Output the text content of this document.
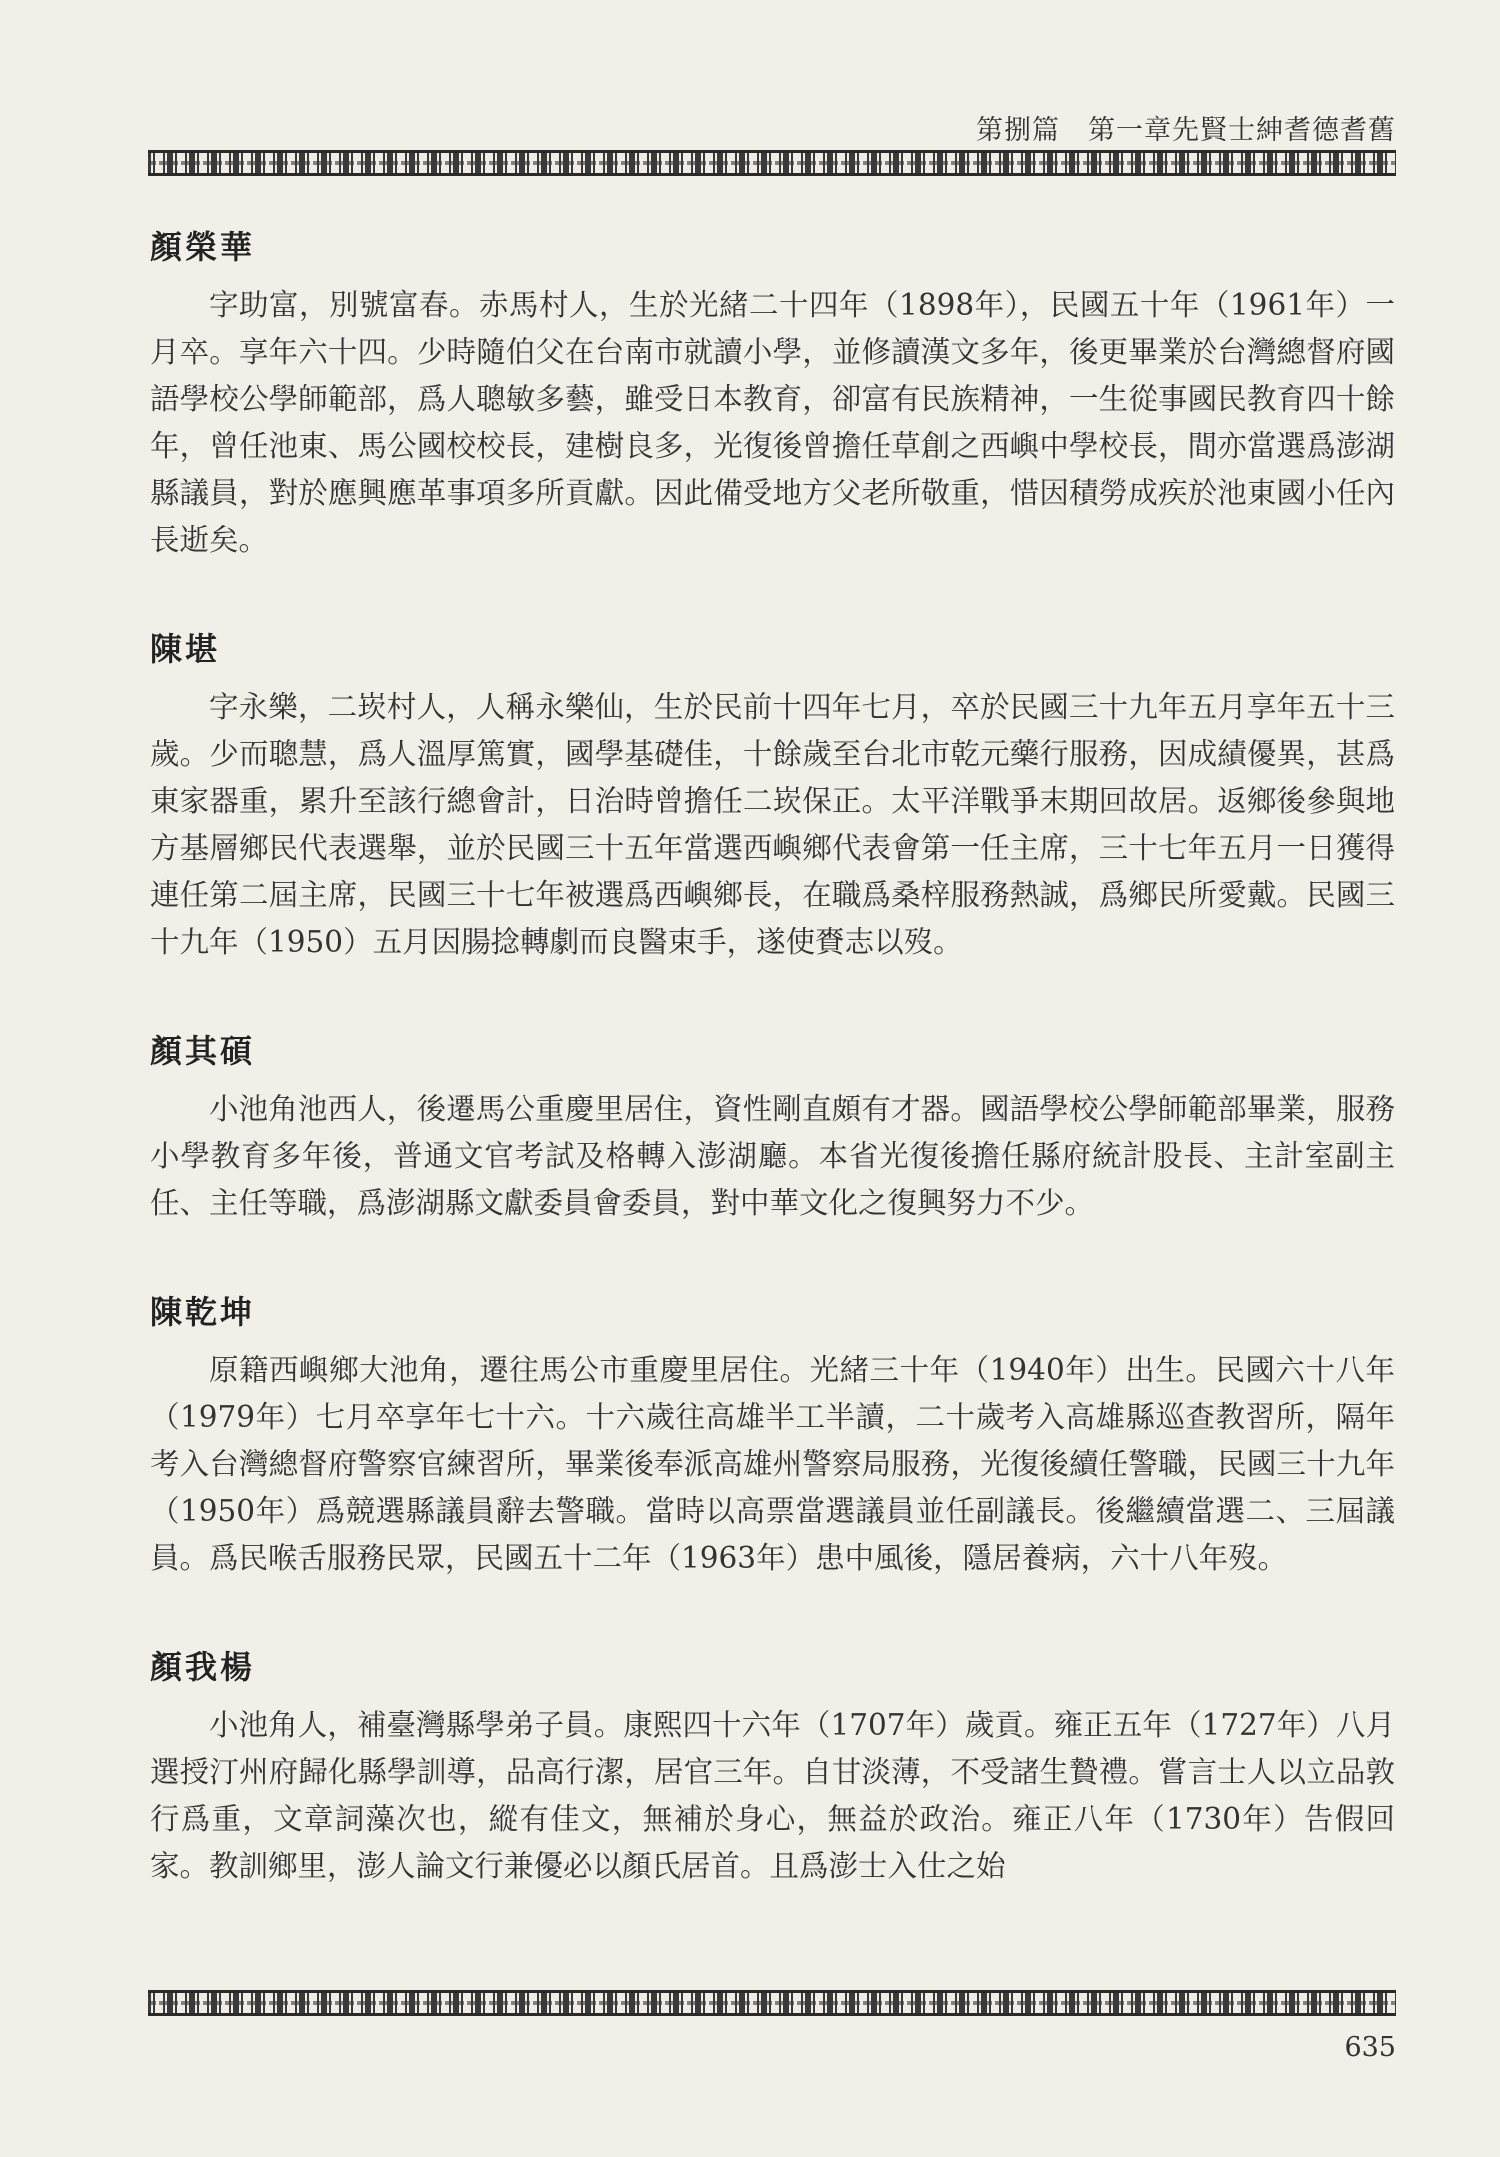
第捌篇　第一章先賢士紳耆德耆舊
顏榮華

字助富，別號富春。赤馬村人，生於光緒二十四年（1898年），民國五十年（1961年）一月卒。享年六十四。少時隨伯父在台南市就讀小學，並修讀漢文多年，後更畢業於台灣總督府國語學校公學師範部，爲人聰敏多藝，雖受日本教育，卻富有民族精神，一生從事國民教育四十餘年，曾任池東、馬公國校校長，建樹良多，光復後曾擔任草創之西嶼中學校長，間亦當選爲澎湖縣議員，對於應興應革事項多所貢獻。因此備受地方父老所敬重，惜因積勞成疾於池東國小任內長逝矣。

陳堪

字永樂，二崁村人，人稱永樂仙，生於民前十四年七月，卒於民國三十九年五月享年五十三歲。少而聰慧，爲人溫厚篤實，國學基礎佳，十餘歲至台北市乾元藥行服務，因成績優異，甚爲東家器重，累升至該行總會計，日治時曾擔任二崁保正。太平洋戰爭末期回故居。返鄉後參與地方基層鄉民代表選舉，並於民國三十五年當選西嶼鄉代表會第一任主席，三十七年五月一日獲得連任第二屆主席，民國三十七年被選爲西嶼鄉長，在職爲桑梓服務熱誠，爲鄉民所愛戴。民國三十九年（1950）五月因腸捻轉劇而良醫束手，遂使賚志以歿。

顏其碩

小池角池西人，後遷馬公重慶里居住，資性剛直頗有才器。國語學校公學師範部畢業，服務小學教育多年後，普通文官考試及格轉入澎湖廳。本省光復後擔任縣府統計股長、主計室副主任、主任等職，爲澎湖縣文獻委員會委員，對中華文化之復興努力不少。

陳乾坤

原籍西嶼鄉大池角，遷往馬公市重慶里居住。光緒三十年（1940年）出生。民國六十八年（1979年）七月卒享年七十六。十六歲往高雄半工半讀，二十歲考入高雄縣巡查教習所，隔年考入台灣總督府警察官練習所，畢業後奉派高雄州警察局服務，光復後續任警職，民國三十九年（1950年）爲競選縣議員辭去警職。當時以高票當選議員並任副議長。後繼續當選二、三屆議員。爲民喉舌服務民眾，民國五十二年（1963年）患中風後，隱居養病，六十八年歿。

顏我楊

小池角人，補臺灣縣學弟子員。康熙四十六年（1707年）歲貢。雍正五年（1727年）八月選授汀州府歸化縣學訓導，品高行潔，居官三年。自甘淡薄，不受諸生贄禮。嘗言士人以立品敦行爲重，文章詞藻次也，縱有佳文，無補於身心，無益於政治。雍正八年（1730年）告假回家。教訓鄉里，澎人論文行兼優必以顏氏居首。且爲澎士入仕之始

635
